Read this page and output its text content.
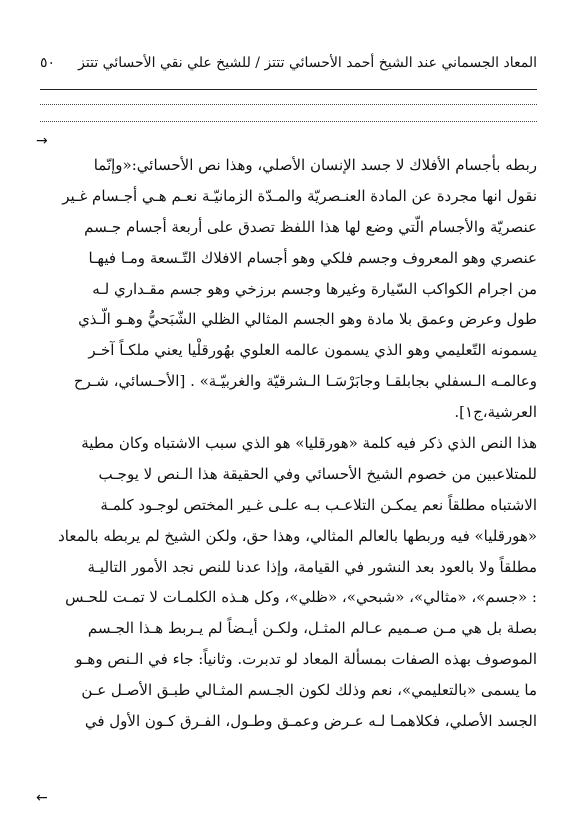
٥٠ المعاد الجسماني عند الشيخ أحمد الأحسائي تتتز / للشيخ علي نقي الأحسائي تتتز
→
ربطه بأجسام الأفلاك لا جسد الإنسان الأصلي، وهذا نص الأحسائي:«وإنّما
نقول انها مجردة عن المادة العنـصريّة والمـدّة الزمانيّـة نعـم هـي أجـسام غـير
عنصريّة والأجسام الّتي وضع لها هذا اللفظ تصدق على أربعة أجسام جـسم
عنصري وهو المعروف وجسم فلكي وهو أجسام الافلاك التّـسعة ومـا فيهـا
من اجرام الكواكب السّيارة وغيرها وجسم برزخي وهو جسم مقـداري لـه
طول وعرض وعمق بلا مادة وهو الجسم المثالي الظلي الشّبَحيُّ وهـو الّـذي
يسمونه التّعليمي وهو الذي يسمون عالمه العلوي بهُورقلْيا يعني ملكـاً آخـر
وعالمـه الـسفلي بجابلقـا وجابَرْسَـا الـشرقيّة والغربيّـة» . [الأحـسائي، شـرح
العرشية،ج١].
هذا النص الذي ذكر فيه كلمة «هورقليا» هو الذي سبب الاشتباه وكان مطية
للمتلاعبين من خصوم الشيخ الأحسائي وفي الحقيقة هذا الـنص لا يوجـب
الاشتباه مطلقاً نعم يمكـن التلاعـب بـه علـى غـير المختص لوجـود كلمـة
«هورقليا» فيه وربطها بالعالم المثالي، وهذا حق، ولكن الشيخ لم يربطه بالمعاد
مطلقاً ولا بالعود بعد النشور في القيامة، وإذا عدنا للنص نجد الأمور التاليـة
: «جسم»، «مثالي»، «شبحي»، «ظلي»، وكل هـذه الكلمـات لا تمـت للحـس
بصلة بل هي مـن صـميم عـالم المثـل، ولكـن أيـضاً لم يـربط هـذا الجـسم
الموصوف بهذه الصفات بمسألة المعاد لو تدبرت. وثانياً: جاء في الـنص وهـو
ما يسمى «بالتعليمي»، نعم وذلك لكون الجـسم المثـالي طبـق الأصـل عـن
الجسد الأصلي، فكلاهمـا لـه عـرض وعمـق وطـول، الفـرق كـون الأول في
←
